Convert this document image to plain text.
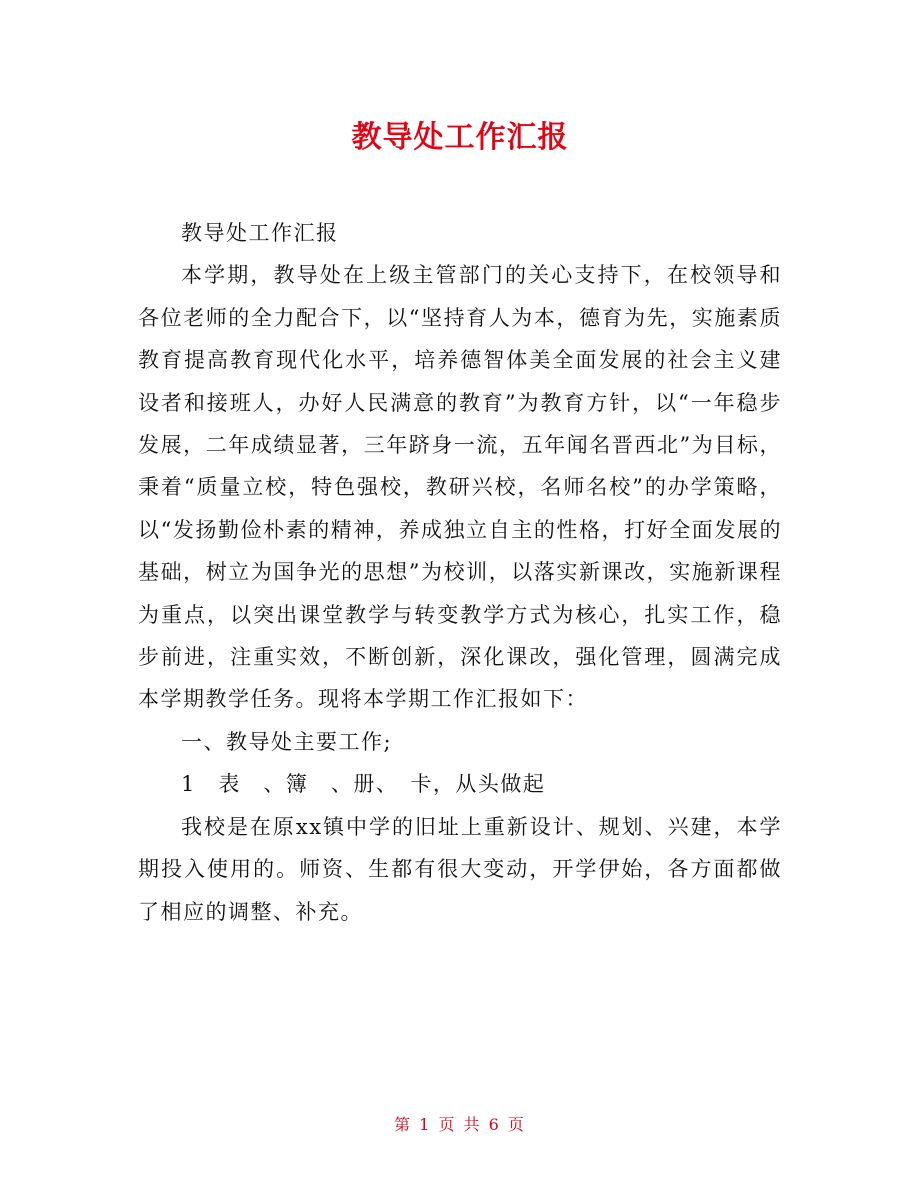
教导处工作汇报

教导处工作汇报

本学期，教导处在上级主管部门的关心支持下，在校领导和各位老师的全力配合下，以“坚持育人为本，德育为先，实施素质教育提高教育现代化水平，培养德智体美全面发展的社会主义建设者和接班人，办好人民满意的教育”为教育方针，以“一年稳步发展，二年成绩显著，三年跻身一流，五年闻名晋西北”为目标，秉着“质量立校，特色强校，教研兴校，名师名校”的办学策略，以“发扬勤俭朴素的精神，养成独立自主的性格，打好全面发展的基础，树立为国争光的思想”为校训，以落实新课改，实施新课程为重点，以突出课堂教学与转变教学方式为核心，扎实工作，稳步前进，注重实效，不断创新，深化课改，强化管理，圆满完成本学期教学任务。现将本学期工作汇报如下：

一、教导处主要工作;

1　表　、簿　、册、　卡，从头做起

我校是在原xx镇中学的旧址上重新设计、规划、兴建，本学期投入使用的。师资、生都有很大变动，开学伊始，各方面都做了相应的调整、补充。

第 1 页 共 6 页
